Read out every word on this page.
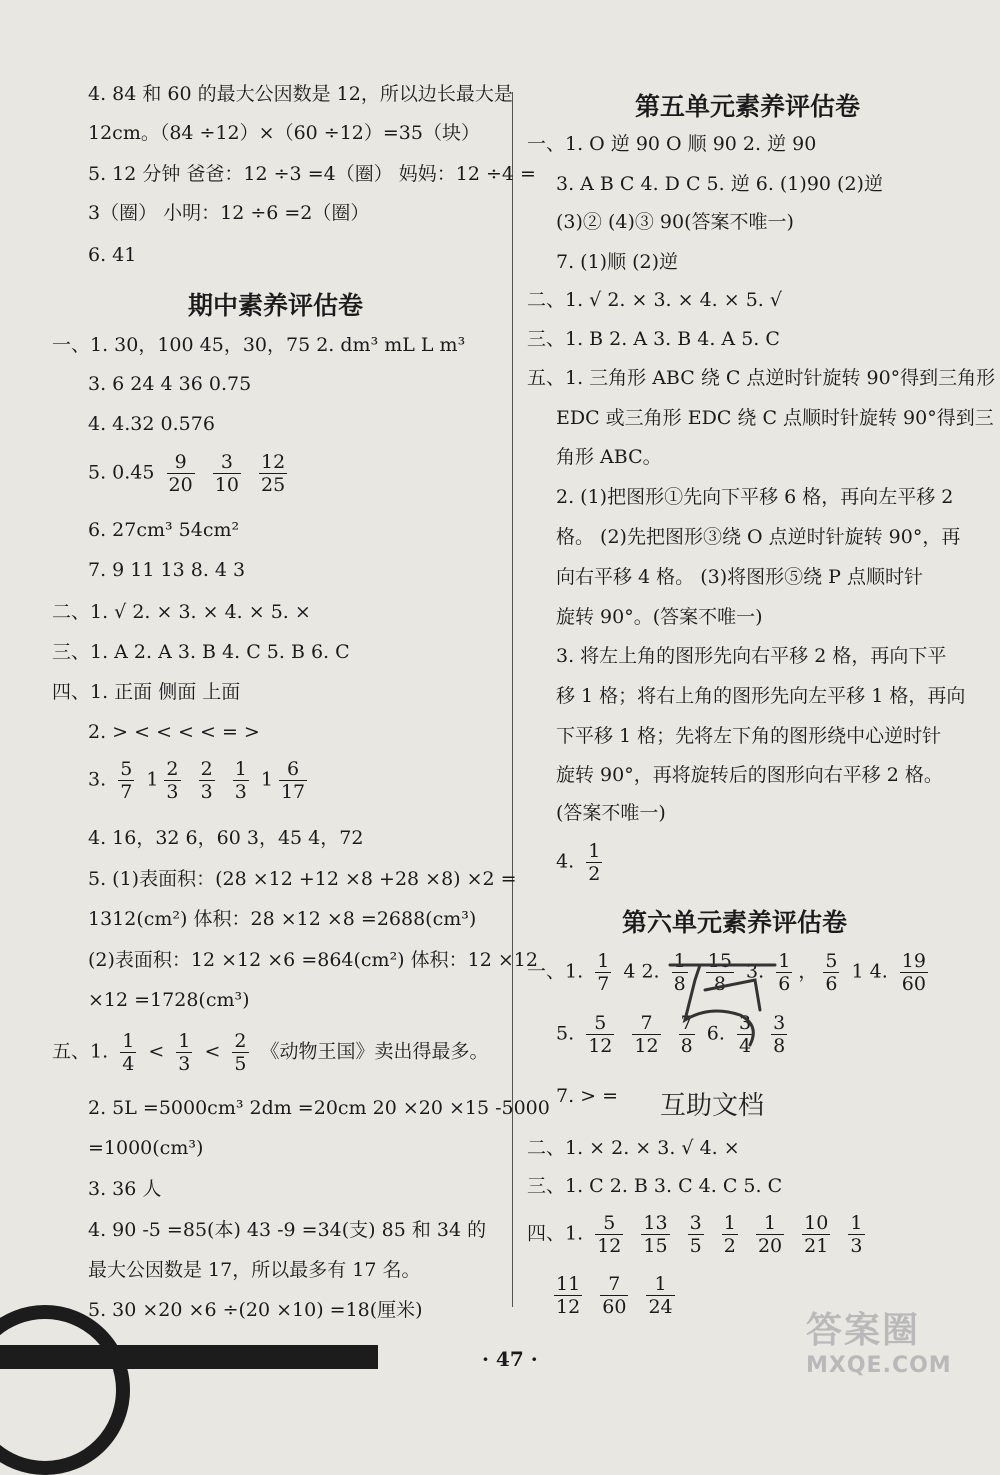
4. 84 和 60 的最大公因数是 12，所以边长最大是
12cm。（84 ÷12）×（60 ÷12）=35（块）
5. 12 分钟 爸爸：12 ÷3 =4（圈） 妈妈：12 ÷4 =
3（圈） 小明：12 ÷6 =2（圈）
6. 41
期中素养评估卷
一、1. 30，100 45，30，75 2. dm³ mL L m³
3. 6 24 4 36 0.75
4. 4.32 0.576
5. $0.45 \frac{9}{20}$
$\frac{3}{10}$
$\frac{12}{25}$
6. 27cm³ 54cm²
7. 9 11 13 8. 4 3
二、1. √ 2. × 3. × 4. × 5. ×
三、1. A 2. A 3. B 4. C 5. B 6. C
四、1. 正面 侧面 上面
2. > < < < < = >
3. $\frac{5}{7} 1 \frac{2}{3}$
$\frac{2}{3}$
$\frac{1}{3} 1 \frac{6}{17}$
4. 16，32 6，60 3，45 4，72
5. (1)表面积：(28 ×12 +12 ×8 +28 ×8) ×2 =
1312(cm²) 体积：28 ×12 ×8 =2688(cm³)
(2)表面积：12 ×12 ×6 =864(cm²) 体积：12 ×12
×12 =1728(cm³)
五、1. $\frac{1}{4} < \frac{1}{3} < \frac{2}{5}$ 《动物王国》卖出得最多。
2. 5L =5000cm³ 2dm =20cm 20 ×20 ×15 -5000
=1000(cm³)
3. 36 人
4. 90 -5 =85(本) 43 -9 =34(支) 85 和 34 的
最大公因数是 17，所以最多有 17 名。
5. 30 ×20 ×6 ÷(20 ×10) =18(厘米)
第五单元素养评估卷
一、1. O 逆 90 O 顺 90 2. 逆 90
3. A B C 4. D C 5. 逆 6. (1)90 (2)逆
(3)② (4)③ 90(答案不唯一)
7. (1)顺 (2)逆
二、1. √ 2. × 3. × 4. × 5. √
三、1. B 2. A 3. B 4. A 5. C
五、1. 三角形 ABC 绕 C 点逆时针旋转 90°得到三角形
EDC 或三角形 EDC 绕 C 点顺时针旋转 90°得到三
角形 ABC。
2. (1)把图形①先向下平移 6 格，再向左平移 2
格。 (2)先把图形③绕 O 点逆时针旋转 90°，再
向右平移 4 格。 (3)将图形⑤绕 P 点顺时针
旋转 90°。(答案不唯一)
3. 将左上角的图形先向右平移 2 格，再向下平
移 1 格；将右上角的图形先向左平移 1 格，再向
下平移 1 格；先将左下角的图形绕中心逆时针
旋转 90°，再将旋转后的图形向右平移 2 格。
(答案不唯一)
4. $\frac{1}{2}$
第六单元素养评估卷
一、1. $\frac{1}{7} 4$ 2. $\frac{1}{8}$
$\frac{15}{8} 3$. $\frac{1}{6}$ ， $\frac{5}{6} 1$ 4. $\frac{19}{60}$
5. $\frac{5}{12}$
$\frac{7}{12}$
$\frac{7}{8} 6$. $\frac{3}{4}$
$\frac{3}{8}$
7. > = 互助文档
二、1. × 2. × 3. √ 4. ×
三、1. C 2. B 3. C 4. C 5. C
四、1. $\frac{5}{12}$
$\frac{13}{15}$
$\frac{3}{5}$
$\frac{1}{2}$
$\frac{1}{20}$
$\frac{10}{21}$
$\frac{1}{3}$
$\frac{11}{12}$
$\frac{7}{60}$
$\frac{1}{24}$
· 47 ·
答案圈
MXQE.COM
